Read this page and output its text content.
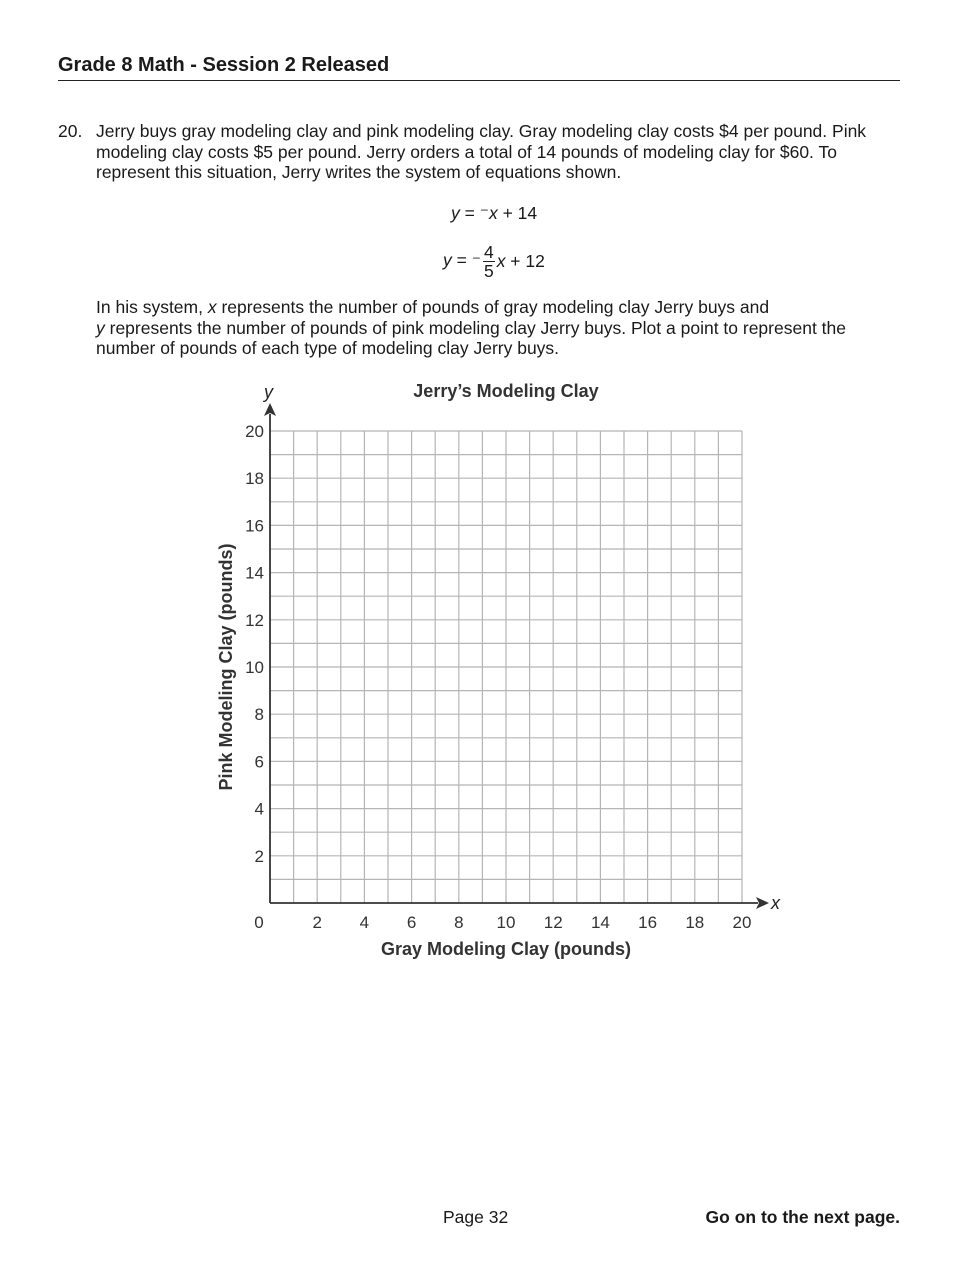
Grade 8 Math - Session 2 Released
20. Jerry buys gray modeling clay and pink modeling clay. Gray modeling clay costs $4 per pound. Pink modeling clay costs $5 per pound. Jerry orders a total of 14 pounds of modeling clay for $60. To represent this situation, Jerry writes the system of equations shown.
y = ⁻x + 14
y = ⁻ $\frac{4}{5}$ x + 12
In his system, x represents the number of pounds of gray modeling clay Jerry buys and
y represents the number of pounds of pink modeling clay Jerry buys. Plot a point to represent the number of pounds of each type of modeling clay Jerry buys.
Jerry’s Modeling Clay
Gray Modeling Clay (pounds)
Pink Modeling Clay (pounds)
x
y
0	2 4 6 8 10 12 14 16 18 20
2
4
6
8
10
12
14
16
18
20
Page 32	Go on to the next page.
